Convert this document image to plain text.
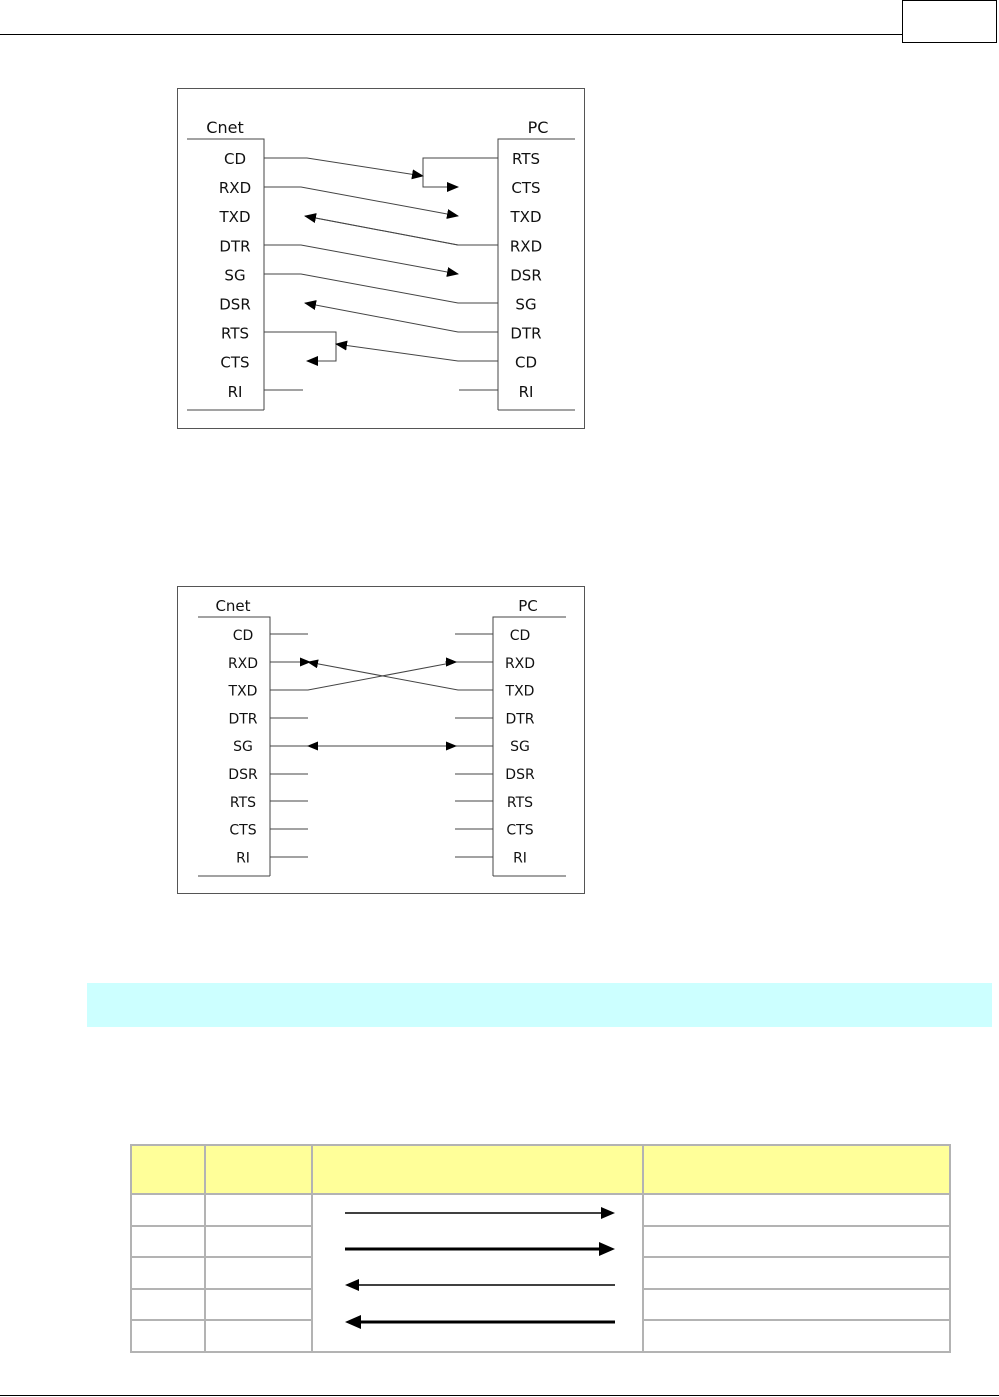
Cnet	PC
CD
RXD
TXD
DTR
SG
DSR
RTS
CTS
RI
RTS
CTS
TXD
RXD
DSR
SG
DTR
CD
RI
Cnet	PC
CD
RXD
TXD
DTR
SG
DSR
RTS
CTS
RI
CD
RXD
TXD
DTR
SG
DSR
RTS
CTS
RI
